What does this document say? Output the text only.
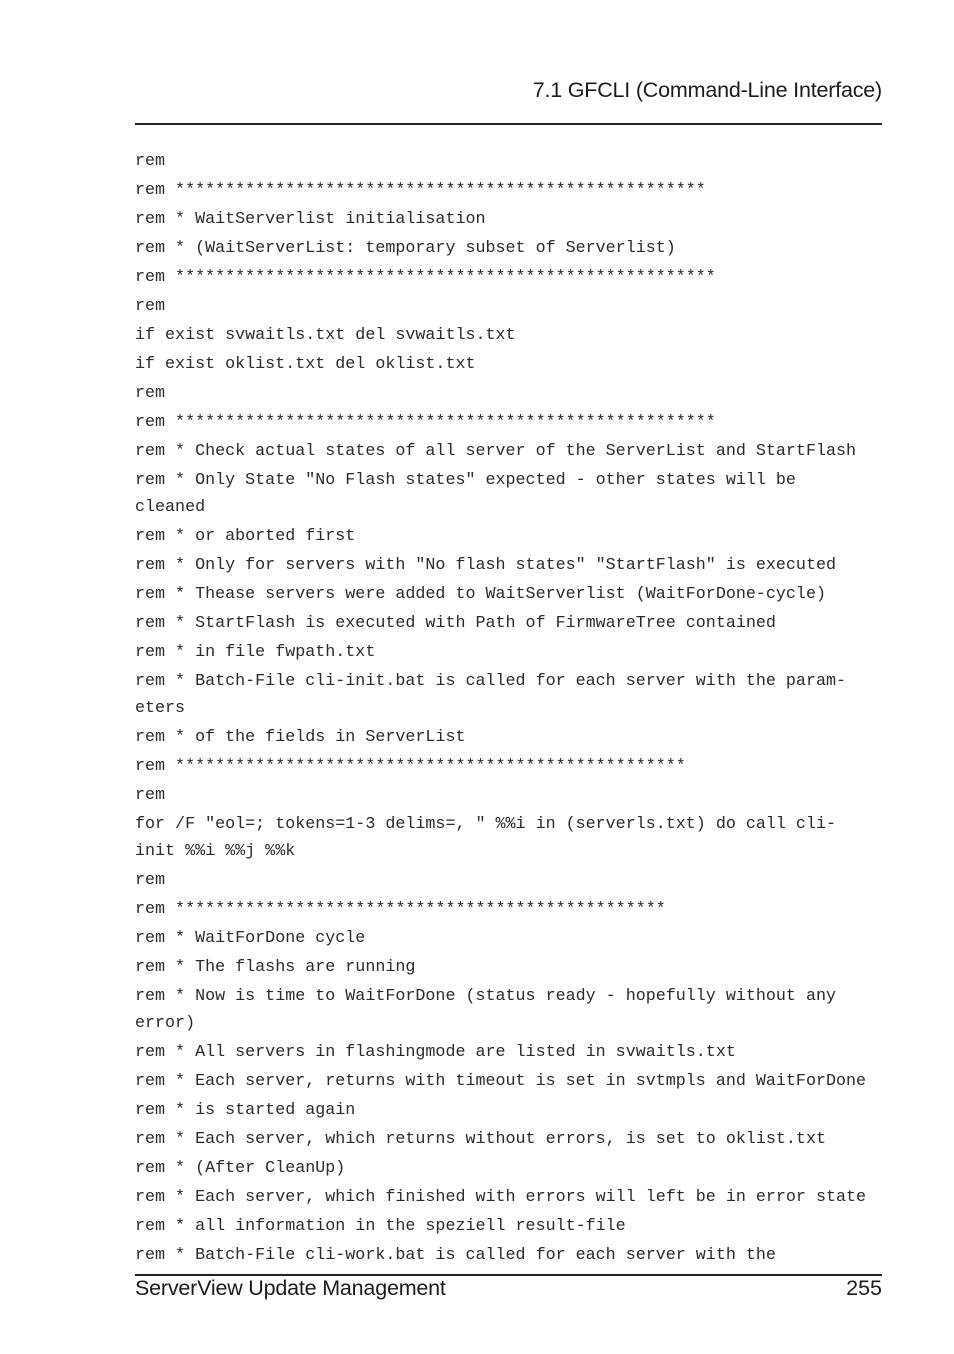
7.1 GFCLI (Command-Line Interface)
rem
rem *****************************************************
rem * WaitServerlist initialisation
rem * (WaitServerList: temporary subset of Serverlist)
rem ******************************************************
rem
if exist svwaitls.txt del svwaitls.txt
if exist oklist.txt del oklist.txt
rem
rem ******************************************************
rem * Check actual states of all server of the ServerList and StartFlash
rem * Only State "No Flash states" expected - other states will be
cleaned
rem * or aborted first
rem * Only for servers with "No flash states" "StartFlash" is executed
rem * Thease servers were added to WaitServerlist (WaitForDone-cycle)
rem * StartFlash is executed with Path of FirmwareTree contained
rem * in file fwpath.txt
rem * Batch-File cli-init.bat is called for each server with the param-
eters
rem * of the fields in ServerList
rem ***************************************************
rem
for /F "eol=; tokens=1-3 delims=, " %%i in (serverls.txt) do call cli-
init %%i %%j %%k
rem
rem *************************************************
rem * WaitForDone cycle
rem * The flashs are running
rem * Now is time to WaitForDone (status ready - hopefully without any
error)
rem * All servers in flashingmode are listed in svwaitls.txt
rem * Each server, returns with timeout is set in svtmpls and WaitForDone
rem * is started again
rem * Each server, which returns without errors, is set to oklist.txt
rem * (After CleanUp)
rem * Each server, which finished with errors will left be in error state
rem * all information in the speziell result-file
rem * Batch-File cli-work.bat is called for each server with the
ServerView Update Management	255
